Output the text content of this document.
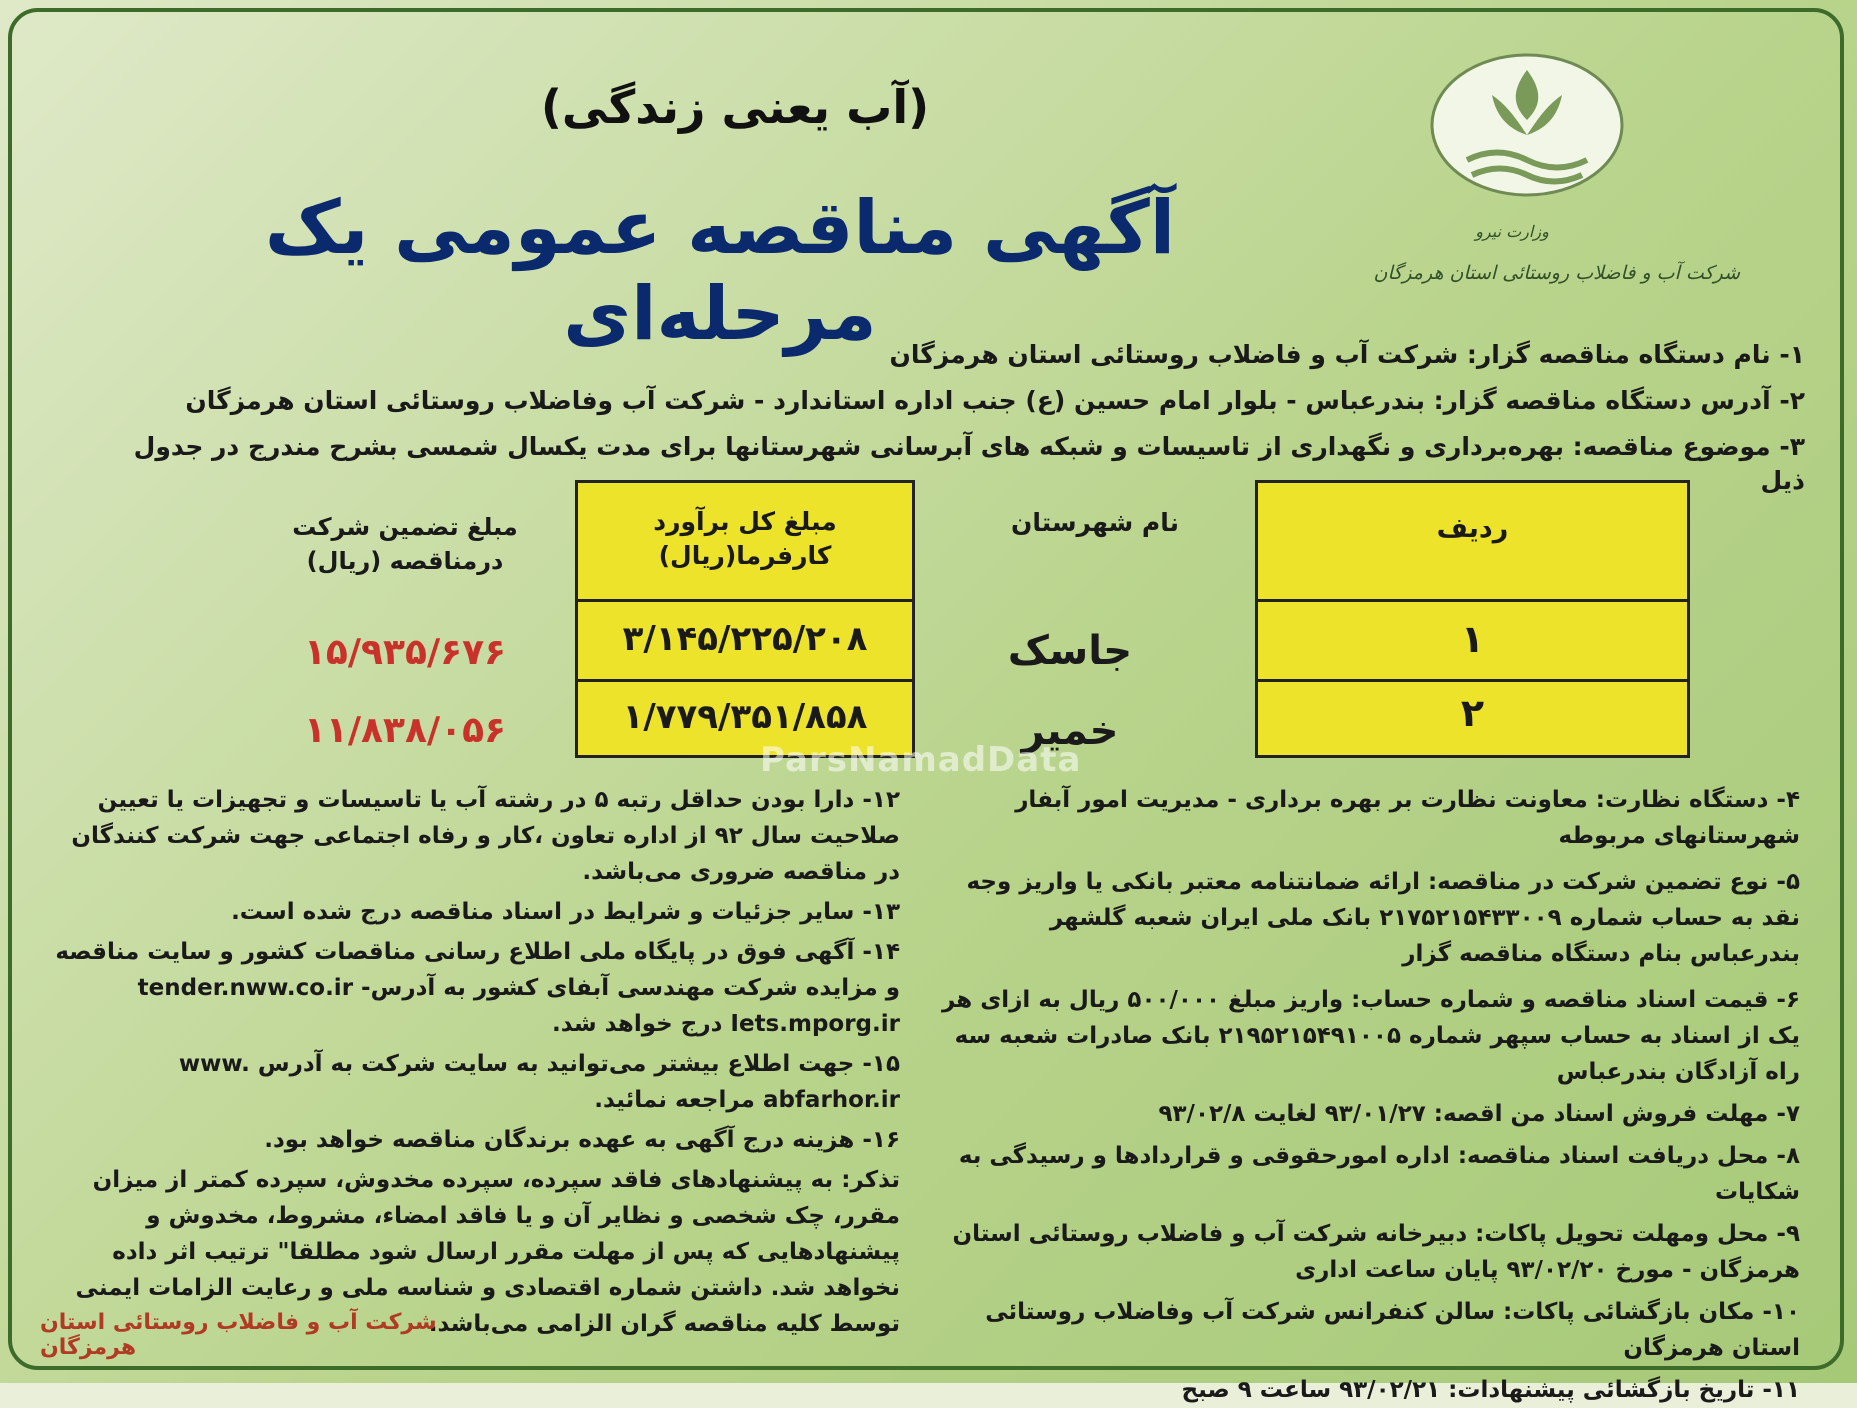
وزارت نیرو
شرکت آب و فاضلاب روستائی استان هرمزگان
(آب یعنی زندگی)
آگهی مناقصه عمومی یک مرحله‌ای ۱- نام دستگاه مناقصه گزار: شرکت آب و فاضلاب روستائی استان هرمزگان
۲- آدرس دستگاه مناقصه گزار: بندرعباس - بلوار امام حسین (ع) جنب اداره استاندارد - شرکت آب وفاضلاب روستائی استان هرمزگان
۳- موضوع مناقصه: بهره‌برداری و نگهداری از تاسیسات و شبکه های آبرسانی شهرستانها برای مدت یکسال شمسی بشرح مندرج در جدول ذیل
ردیف
۱
۲
نام شهرستان
جاسک
خمیر
مبلغ کل برآورد کارفرما(ریال)
۳/۱۴۵/۲۲۵/۲۰۸
۱/۷۷۹/۳۵۱/۸۵۸
مبلغ تضمین شرکت درمناقصه (ریال)
۱۵/۹۳۵/۶۷۶
۱۱/۸۳۸/۰۵۶
ParsNamadData
۴- دستگاه نظارت: معاونت نظارت بر بهره برداری - مدیریت امور آبفار شهرستانهای مربوطه
۵- نوع تضمین شرکت در مناقصه: ارائه ضمانتنامه معتبر بانکی یا واریز وجه نقد به حساب شماره ۲۱۷۵۲۱۵۴۳۳۰۰۹ بانک ملی ایران شعبه گلشهر بندرعباس بنام دستگاه مناقصه گزار
۶- قیمت اسناد مناقصه و شماره حساب: واریز مبلغ ۵۰۰/۰۰۰ ریال به ازای هر یک از اسناد به حساب سپهر شماره ۲۱۹۵۲۱۵۴۹۱۰۰۵ بانک صادرات شعبه سه راه آزادگان بندرعباس
۷- مهلت فروش اسناد من اقصه: ۹۳/۰۱/۲۷ لغایت ۹۳/۰۲/۸
۸- محل دریافت اسناد مناقصه: اداره امورحقوقی و قراردادها و رسیدگی به شکایات
۹- محل ومهلت تحویل پاکات: دبیرخانه شرکت آب و فاضلاب روستائی استان هرمزگان - مورخ ۹۳/۰۲/۲۰ پایان ساعت اداری
۱۰- مکان بازگشائی پاکات: سالن کنفرانس شرکت آب وفاضلاب روستائی استان هرمزگان
۱۱- تاریخ بازگشائی پیشنهادات: ۹۳/۰۲/۲۱ ساعت ۹ صبح
۱۲- دارا بودن حداقل رتبه ۵ در رشته آب یا تاسیسات و تجهیزات یا تعیین صلاحیت سال ۹۲ از اداره تعاون ،کار و رفاه اجتماعی جهت شرکت کنندگان در مناقصه ضروری می‌باشد.
۱۳- سایر جزئیات و شرایط در اسناد مناقصه درج شده است.
۱۴- آگهی فوق در پایگاه ملی اطلاع رسانی مناقصات کشور و سایت مناقصه و مزایده شرکت مهندسی آبفای کشور به آدرس- tender.nww.co.ir Iets.mporg.ir درج خواهد شد.
۱۵- جهت اطلاع بیشتر می‌توانید به سایت شرکت به آدرس www. abfarhor.ir مراجعه نمائید.
۱۶- هزینه درج آگهی به عهده برندگان مناقصه خواهد بود.
تذکر: به پیشنهادهای فاقد سپرده، سپرده مخدوش، سپرده کمتر از میزان مقرر، چک شخصی و نظایر آن و یا فاقد امضاء، مشروط، مخدوش و پیشنهادهایی که پس از مهلت مقرر ارسال شود مطلقا" ترتیب اثر داده نخواهد شد. داشتن شماره اقتصادی و شناسه ملی و رعایت الزامات ایمنی توسط کلیه مناقصه گران الزامی می‌باشد.
شرکت آب و فاضلاب روستائی استان هرمزگان
